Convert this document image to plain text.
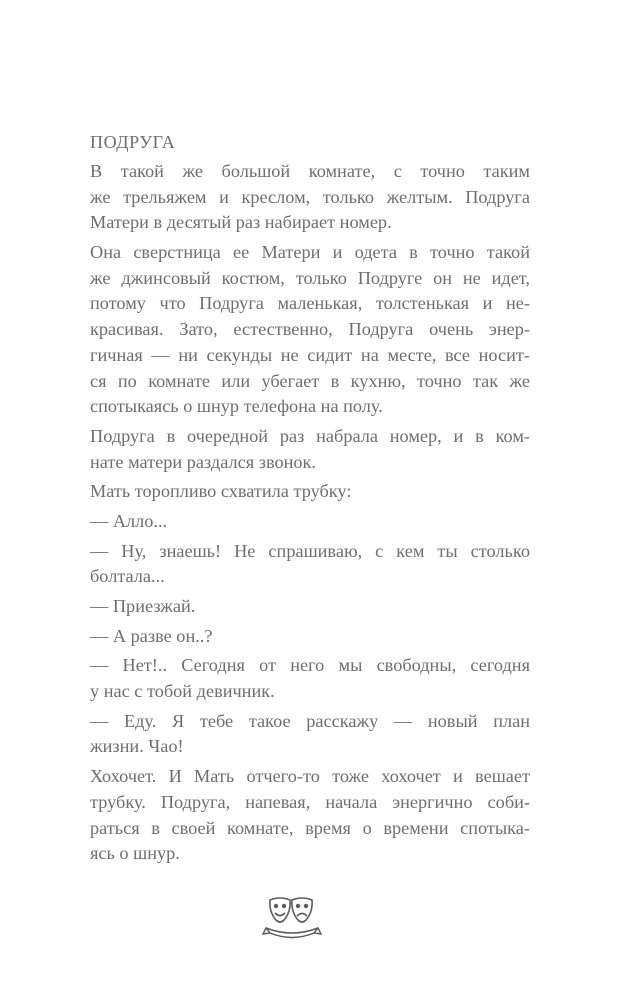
ПОДРУГА
В такой же большой комнате, с точно таким
же трельяжем и креслом, только желтым. Подруга
Матери в десятый раз набирает номер.
Она сверстница ее Матери и одета в точно такой
же джинсовый костюм, только Подруге он не идет,
потому что Подруга маленькая, толстенькая и не-
красивая. Зато, естественно, Подруга очень энер-
гичная — ни секунды не сидит на месте, все носит-
ся по комнате или убегает в кухню, точно так же
спотыкаясь о шнур телефона на полу.
Подруга в очередной раз набрала номер, и в ком-
нате матери раздался звонок.
Мать торопливо схватила трубку:
— Алло...
— Ну, знаешь! Не спрашиваю, с кем ты столько
болтала...
— Приезжай.
— А разве он..?
— Нет!.. Сегодня от него мы свободны, сегодня
у нас с тобой девичник.
— Еду. Я тебе такое расскажу — новый план
жизни. Чао!
Хохочет. И Мать отчего-то тоже хохочет и вешает
трубку. Подруга, напевая, начала энергично соби-
раться в своей комнате, время о времени спотыка-
ясь о шнур.
